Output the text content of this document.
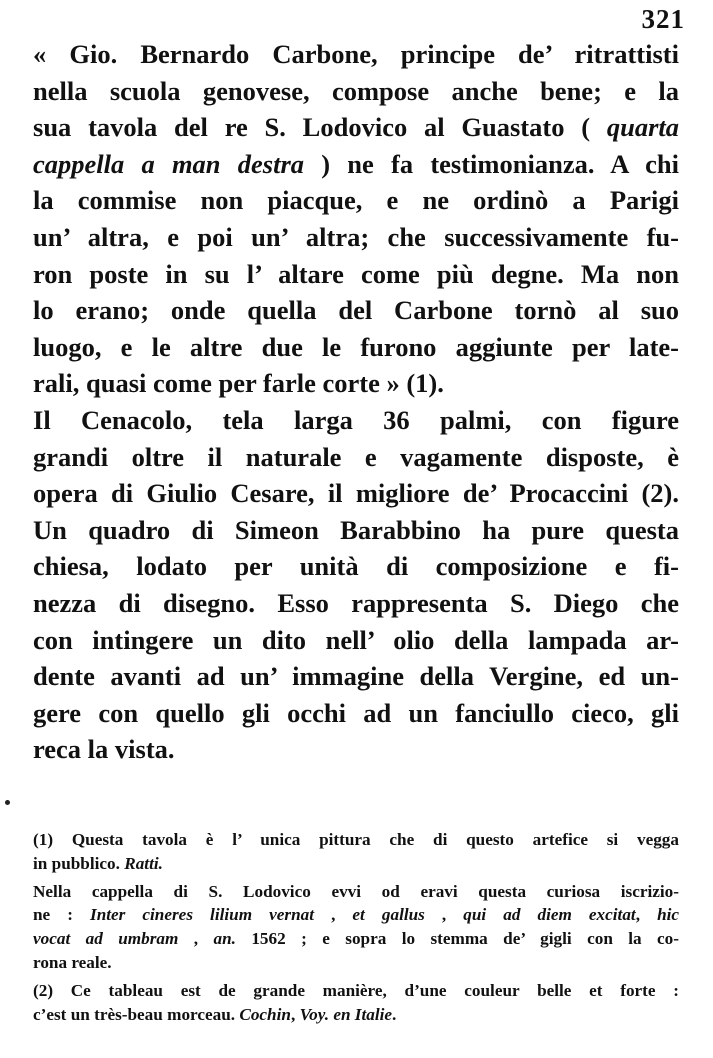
321
« Gio. Bernardo Carbone, principe de’ ritrattisti
nella scuola genovese, compose anche bene; e la
sua tavola del re S. Lodovico al Guastato ( quarta
cappella a man destra ) ne fa testimonianza. A chi
la commise non piacque, e ne ordinò a Parigi
un’ altra, e poi un’ altra; che successivamente fu-
ron poste in su l’ altare come più degne. Ma non
lo erano; onde quella del Carbone tornò al suo
luogo, e le altre due le furono aggiunte per late-
rali, quasi come per farle corte » (1).
Il Cenacolo, tela larga 36 palmi, con figure
grandi oltre il naturale e vagamente disposte, è
opera di Giulio Cesare, il migliore de’ Procaccini (2).
Un quadro di Simeon Barabbino ha pure questa
chiesa, lodato per unità di composizione e fi-
nezza di disegno. Esso rappresenta S. Diego che
con intingere un dito nell’ olio della lampada ar-
dente avanti ad un’ immagine della Vergine, ed un-
gere con quello gli occhi ad un fanciullo cieco, gli
reca la vista.
(1) Questa tavola è l’ unica pittura che di questo artefice si vegga
in pubblico. Ratti.
Nella cappella di S. Lodovico evvi od eravi questa curiosa iscrizio-
ne : Inter cineres lilium vernat , et gallus , qui ad diem excitat, hic
vocat ad umbram , an. 1562 ; e sopra lo stemma de’ gigli con la co-
rona reale.
(2) Ce tableau est de grande manière, d’une couleur belle et forte :
c’est un très-beau morceau. Cochin, Voy. en Italie.
